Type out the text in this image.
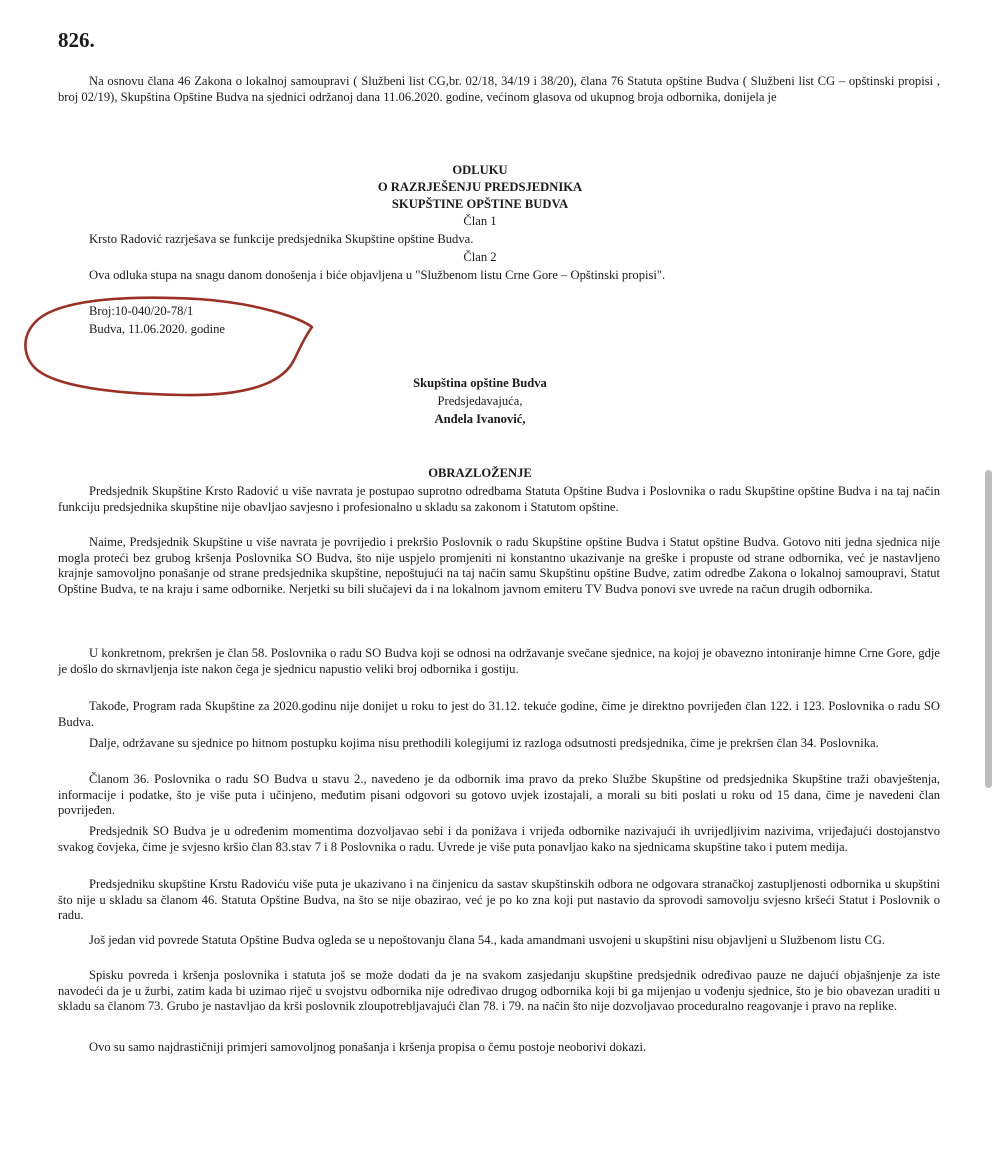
826.

Na osnovu člana 46 Zakona o lokalnoj samoupravi ( Službeni list CG,br. 02/18, 34/19 i 38/20), člana 76 Statuta opštine Budva ( Službeni list CG – opštinski propisi , broj 02/19), Skupština Opštine Budva na sjednici održanoj dana 11.06.2020. godine, većinom glasova od ukupnog broja odbornika, donijela je

ODLUKU

O RAZRJEŠENJU PREDSJEDNIKA

SKUPŠTINE OPŠTINE BUDVA

Član 1

Krsto Radović razrješava se funkcije predsjednika Skupštine opštine Budva.

Član 2

Ova odluka stupa na snagu danom donošenja i biće objavljena u "Službenom listu Crne Gore – Opštinski propisi".

Broj:10-040/20-78/1

Budva, 11.06.2020. godine

Skupština opštine Budva

Predsjedavajuća,

Anđela Ivanović,

OBRAZLOŽENJE

Predsjednik Skupštine Krsto Radović u više navrata je postupao suprotno odredbama Statuta Opštine Budva i Poslovnika o radu Skupštine opštine Budva i na taj način funkciju predsjednika skupštine nije obavljao savjesno i profesionalno u skladu sa zakonom i Statutom opštine.

Naime, Predsjednik Skupštine u više navrata je povrijedio i prekršio Poslovnik o radu Skupštine opštine Budva i Statut opštine Budva. Gotovo niti jedna sjednica nije mogla proteći bez grubog kršenja Poslovnika SO Budva, što nije uspjelo promjeniti ni konstantno ukazivanje na greške i propuste od strane odbornika, već je nastavljeno krajnje samovoljno ponašanje od strane predsjednika skupštine, nepoštujući na taj način samu Skupštinu opštine Budve, zatim odredbe Zakona o lokalnoj samoupravi, Statut Opštine Budva, te na kraju i same odbornike. Nerjetki su bili slučajevi da i na lokalnom javnom emiteru TV Budva ponovi sve uvrede na račun drugih odbornika.

U konkretnom, prekršen je član 58. Poslovnika o radu SO Budva koji se odnosi na održavanje svečane sjednice, na kojoj je obavezno intoniranje himne Crne Gore, gdje je došlo do skrnavljenja iste nakon čega je sjednicu napustio veliki broj odbornika i gostiju.

Takođe, Program rada Skupštine za 2020.godinu nije donijet u roku to jest do 31.12. tekuće godine, čime je direktno povrijeđen član 122. i 123. Poslovnika o radu SO Budva.

Dalje, održavane su sjednice po hitnom postupku kojima nisu prethodili kolegijumi iz razloga odsutnosti predsjednika, čime je prekršen član 34. Poslovnika.

Članom 36. Poslovnika o radu SO Budva u stavu 2., navedeno je da odbornik ima pravo da preko Službe Skupštine od predsjednika Skupštine traži obavještenja, informacije i podatke, što je više puta i učinjeno, međutim pisani odgovori su gotovo uvjek izostajali, a morali su biti poslati u roku od 15 dana, čime je navedeni član povrijeđen.

Predsjednik SO Budva je u određenim momentima dozvoljavao sebi i da ponižava i vrijeđa odbornike nazivajući ih uvrijedljivim nazivima, vrijeđajući dostojanstvo svakog čovjeka, čime je svjesno kršio član 83.stav 7 i 8 Poslovnika o radu. Uvrede je više puta ponavljao kako na sjednicama skupštine tako i putem medija.

Predsjedniku skupštine Krstu Radoviću više puta je ukazivano i na činjenicu da sastav skupštinskih odbora ne odgovara stranačkoj zastupljenosti odbornika u skupštini što nije u skladu sa članom 46. Statuta Opštine Budva, na što se nije obazirao, već je po ko zna koji put nastavio da sprovodi samovolju svjesno kršeći Statut i Poslovnik o radu.

Još jedan vid povrede Statuta Opštine Budva ogleda se u nepoštovanju člana 54., kada amandmani usvojeni u skupštini nisu objavljeni u Službenom listu CG.

Spisku povreda i kršenja poslovnika i statuta još se može dodati da je na svakom zasjedanju skupštine predsjednik određivao pauze ne dajući objašnjenje za iste navodeći da je u žurbi, zatim kada bi uzimao riječ u svojstvu odbornika nije određivao drugog odbornika koji bi ga mijenjao u vođenju sjednice, što je bio obavezan uraditi u skladu sa članom 73. Grubo je nastavljao da krši poslovnik zloupotrebljavajući član 78. i 79. na način što nije dozvoljavao proceduralno reagovanje i pravo na replike.

Ovo su samo najdrastičniji primjeri samovoljnog ponašanja i kršenja propisa o čemu postoje neoborivi dokazi.
